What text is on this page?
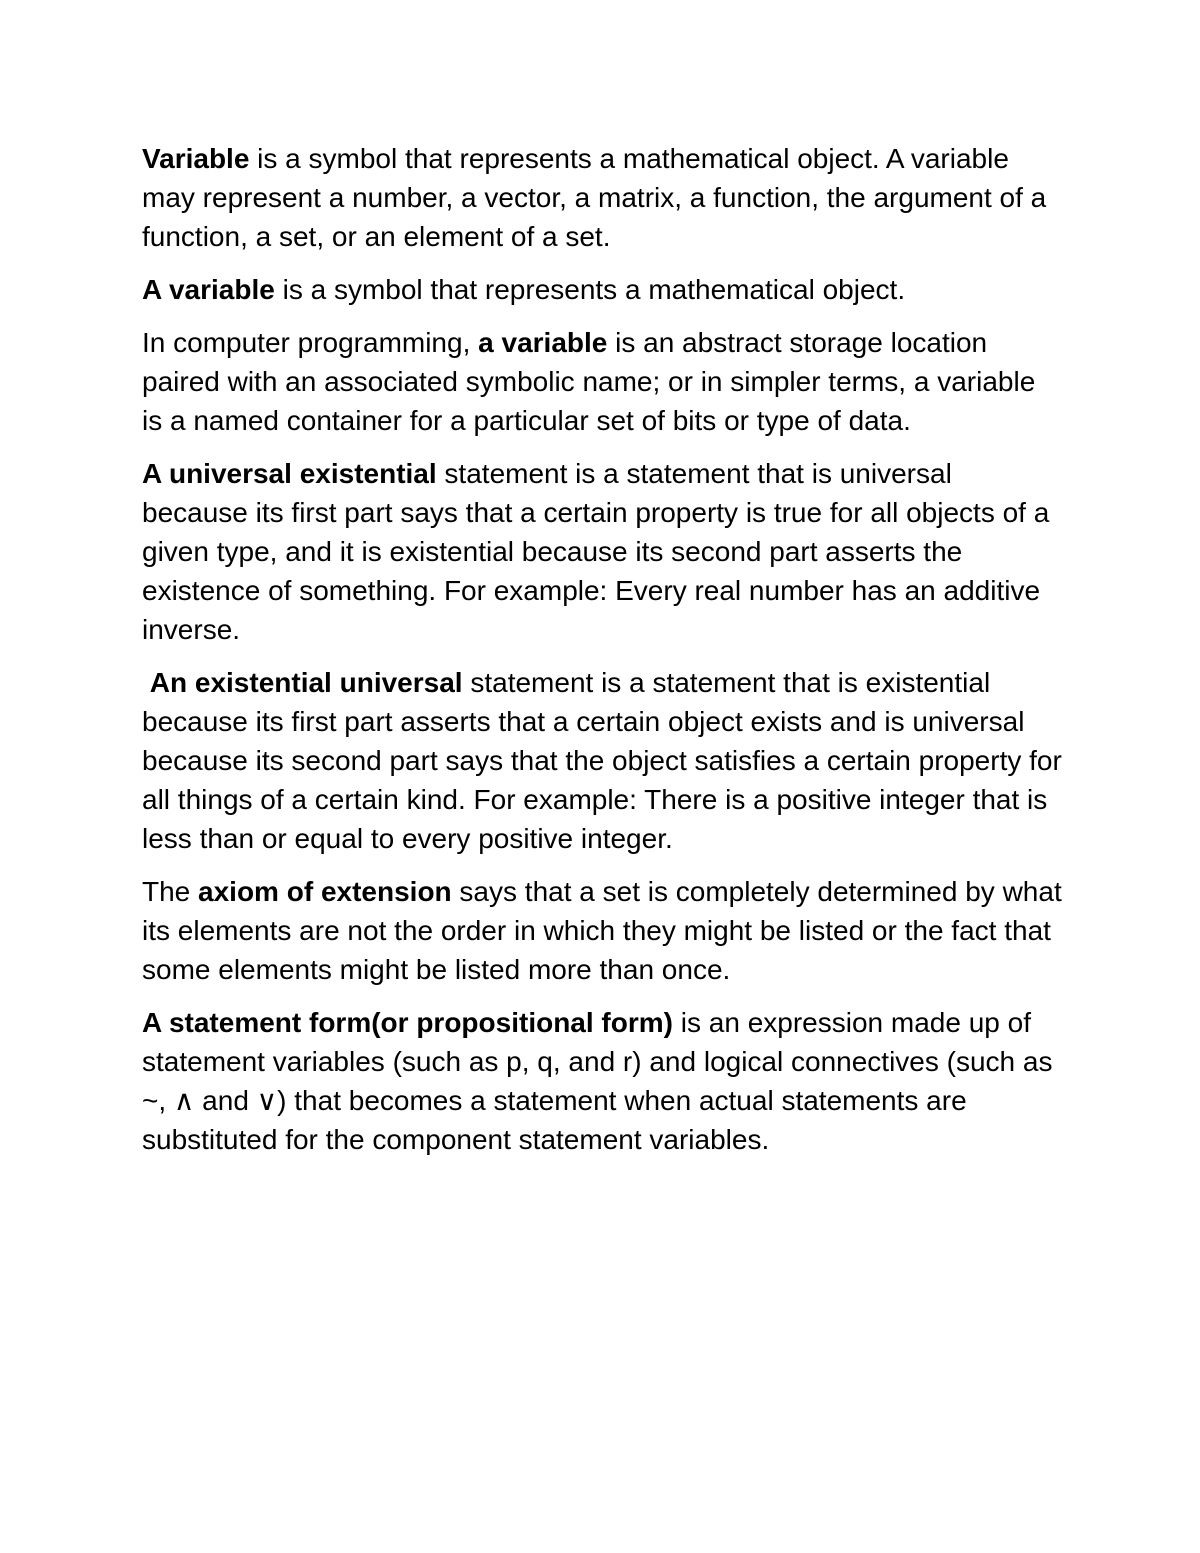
Variable is a symbol that represents a mathematical object. A variable may represent a number, a vector, a matrix, a function, the argument of a function, a set, or an element of a set.

A variable is a symbol that represents a mathematical object.

In computer programming, a variable is an abstract storage location paired with an associated symbolic name; or in simpler terms, a variable is a named container for a particular set of bits or type of data.

A universal existential statement is a statement that is universal because its first part says that a certain property is true for all objects of a given type, and it is existential because its second part asserts the existence of something. For example: Every real number has an additive inverse.

An existential universal statement is a statement that is existential because its first part asserts that a certain object exists and is universal because its second part says that the object satisfies a certain property for all things of a certain kind. For example: There is a positive integer that is less than or equal to every positive integer.

The axiom of extension says that a set is completely determined by what its elements are not the order in which they might be listed or the fact that some elements might be listed more than once.

A statement form(or propositional form) is an expression made up of statement variables (such as p, q, and r) and logical connectives (such as ~, ∧ and ∨) that becomes a statement when actual statements are substituted for the component statement variables.
